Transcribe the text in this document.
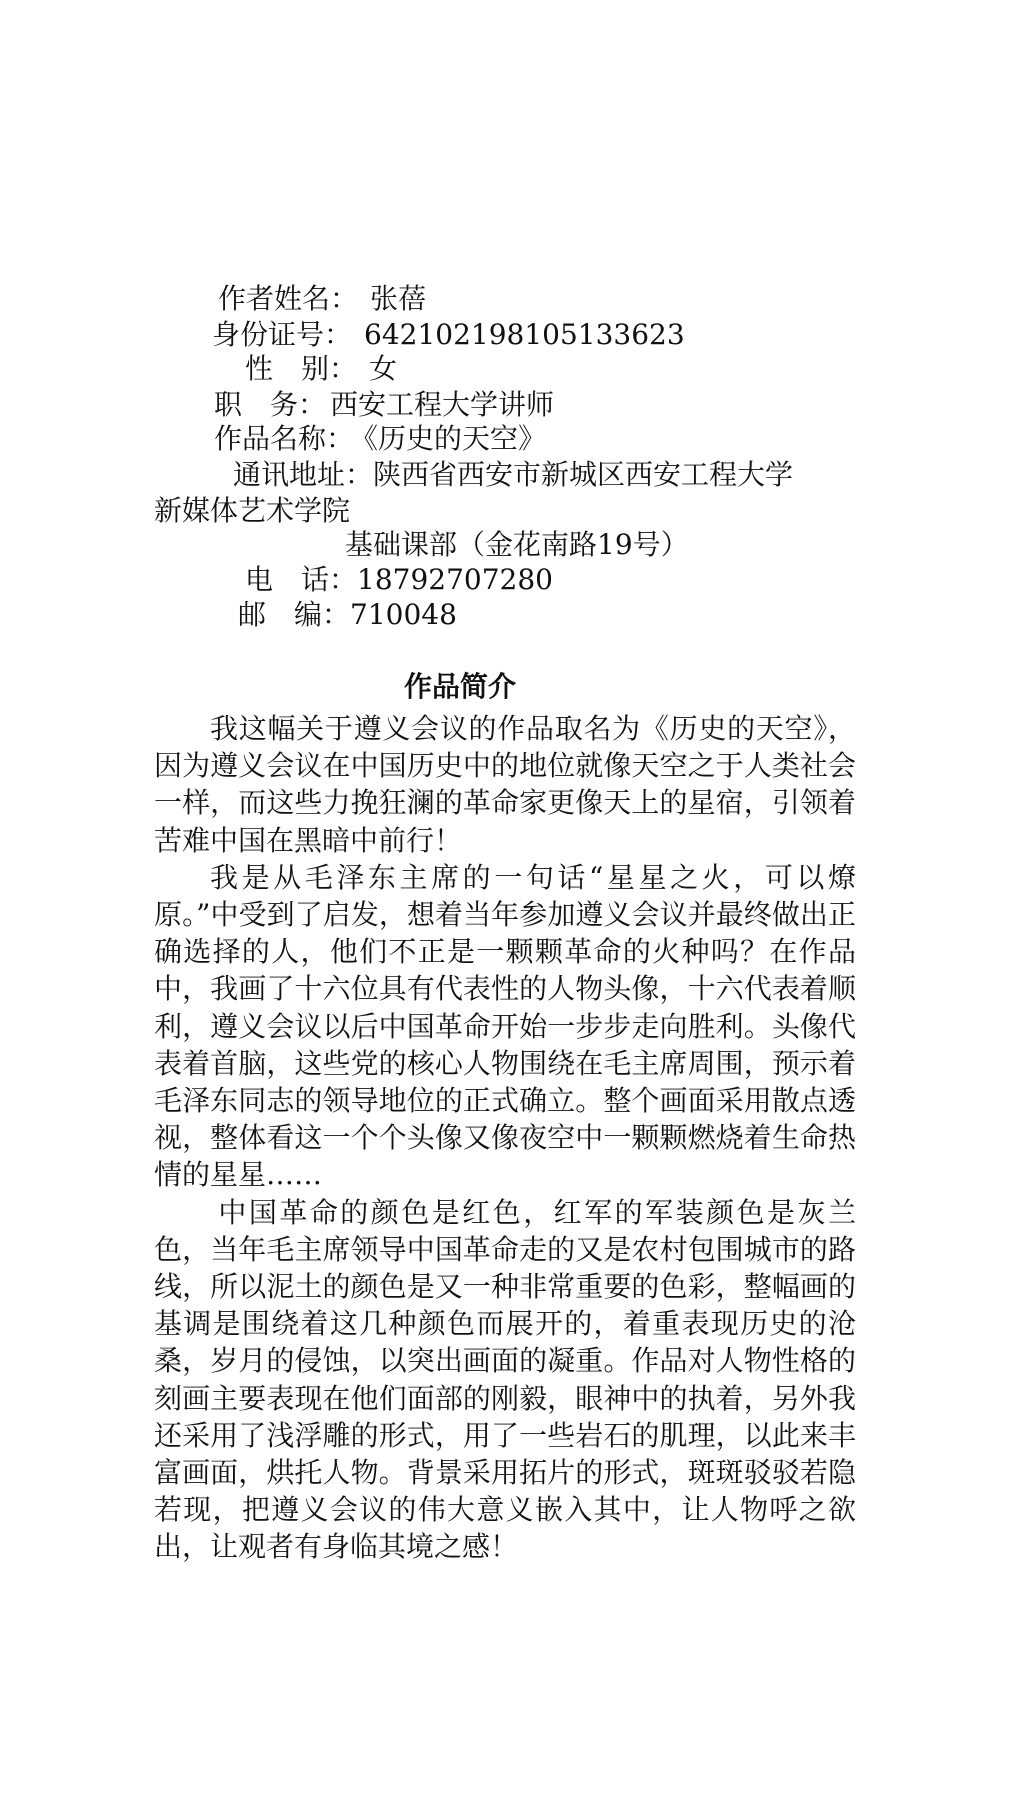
作者姓名： 张蓓
身份证号： 642102198105133623
性　别： 女
职　务： 西安工程大学讲师
作品名称： 《历史的天空》
通讯地址：陕西省西安市新城区西安工程大学
新媒体艺术学院
基础课部（金花南路19号）
电　话：18792707280
邮　编：710048
作品简介

我这幅关于遵义会议的作品取名为《历史的天空》，因为遵义会议在中国历史中的地位就像天空之于人类社会一样，而这些力挽狂澜的革命家更像天上的星宿，引领着苦难中国在黑暗中前行！

我是从毛泽东主席的一句话“星星之火，可以燎原。”中受到了启发，想着当年参加遵义会议并最终做出正确选择的人，他们不正是一颗颗革命的火种吗？在作品中，我画了十六位具有代表性的人物头像，十六代表着顺利，遵义会议以后中国革命开始一步步走向胜利。头像代表着首脑，这些党的核心人物围绕在毛主席周围，预示着毛泽东同志的领导地位的正式确立。整个画面采用散点透视，整体看这一个个头像又像夜空中一颗颗燃烧着生命热情的星星……

中国革命的颜色是红色，红军的军装颜色是灰兰色，当年毛主席领导中国革命走的又是农村包围城市的路线，所以泥土的颜色是又一种非常重要的色彩，整幅画的基调是围绕着这几种颜色而展开的，着重表现历史的沧桑，岁月的侵蚀，以突出画面的凝重。作品对人物性格的刻画主要表现在他们面部的刚毅，眼神中的执着，另外我还采用了浅浮雕的形式，用了一些岩石的肌理，以此来丰富画面，烘托人物。背景采用拓片的形式，斑斑驳驳若隐若现，把遵义会议的伟大意义嵌入其中，让人物呼之欲出，让观者有身临其境之感！
